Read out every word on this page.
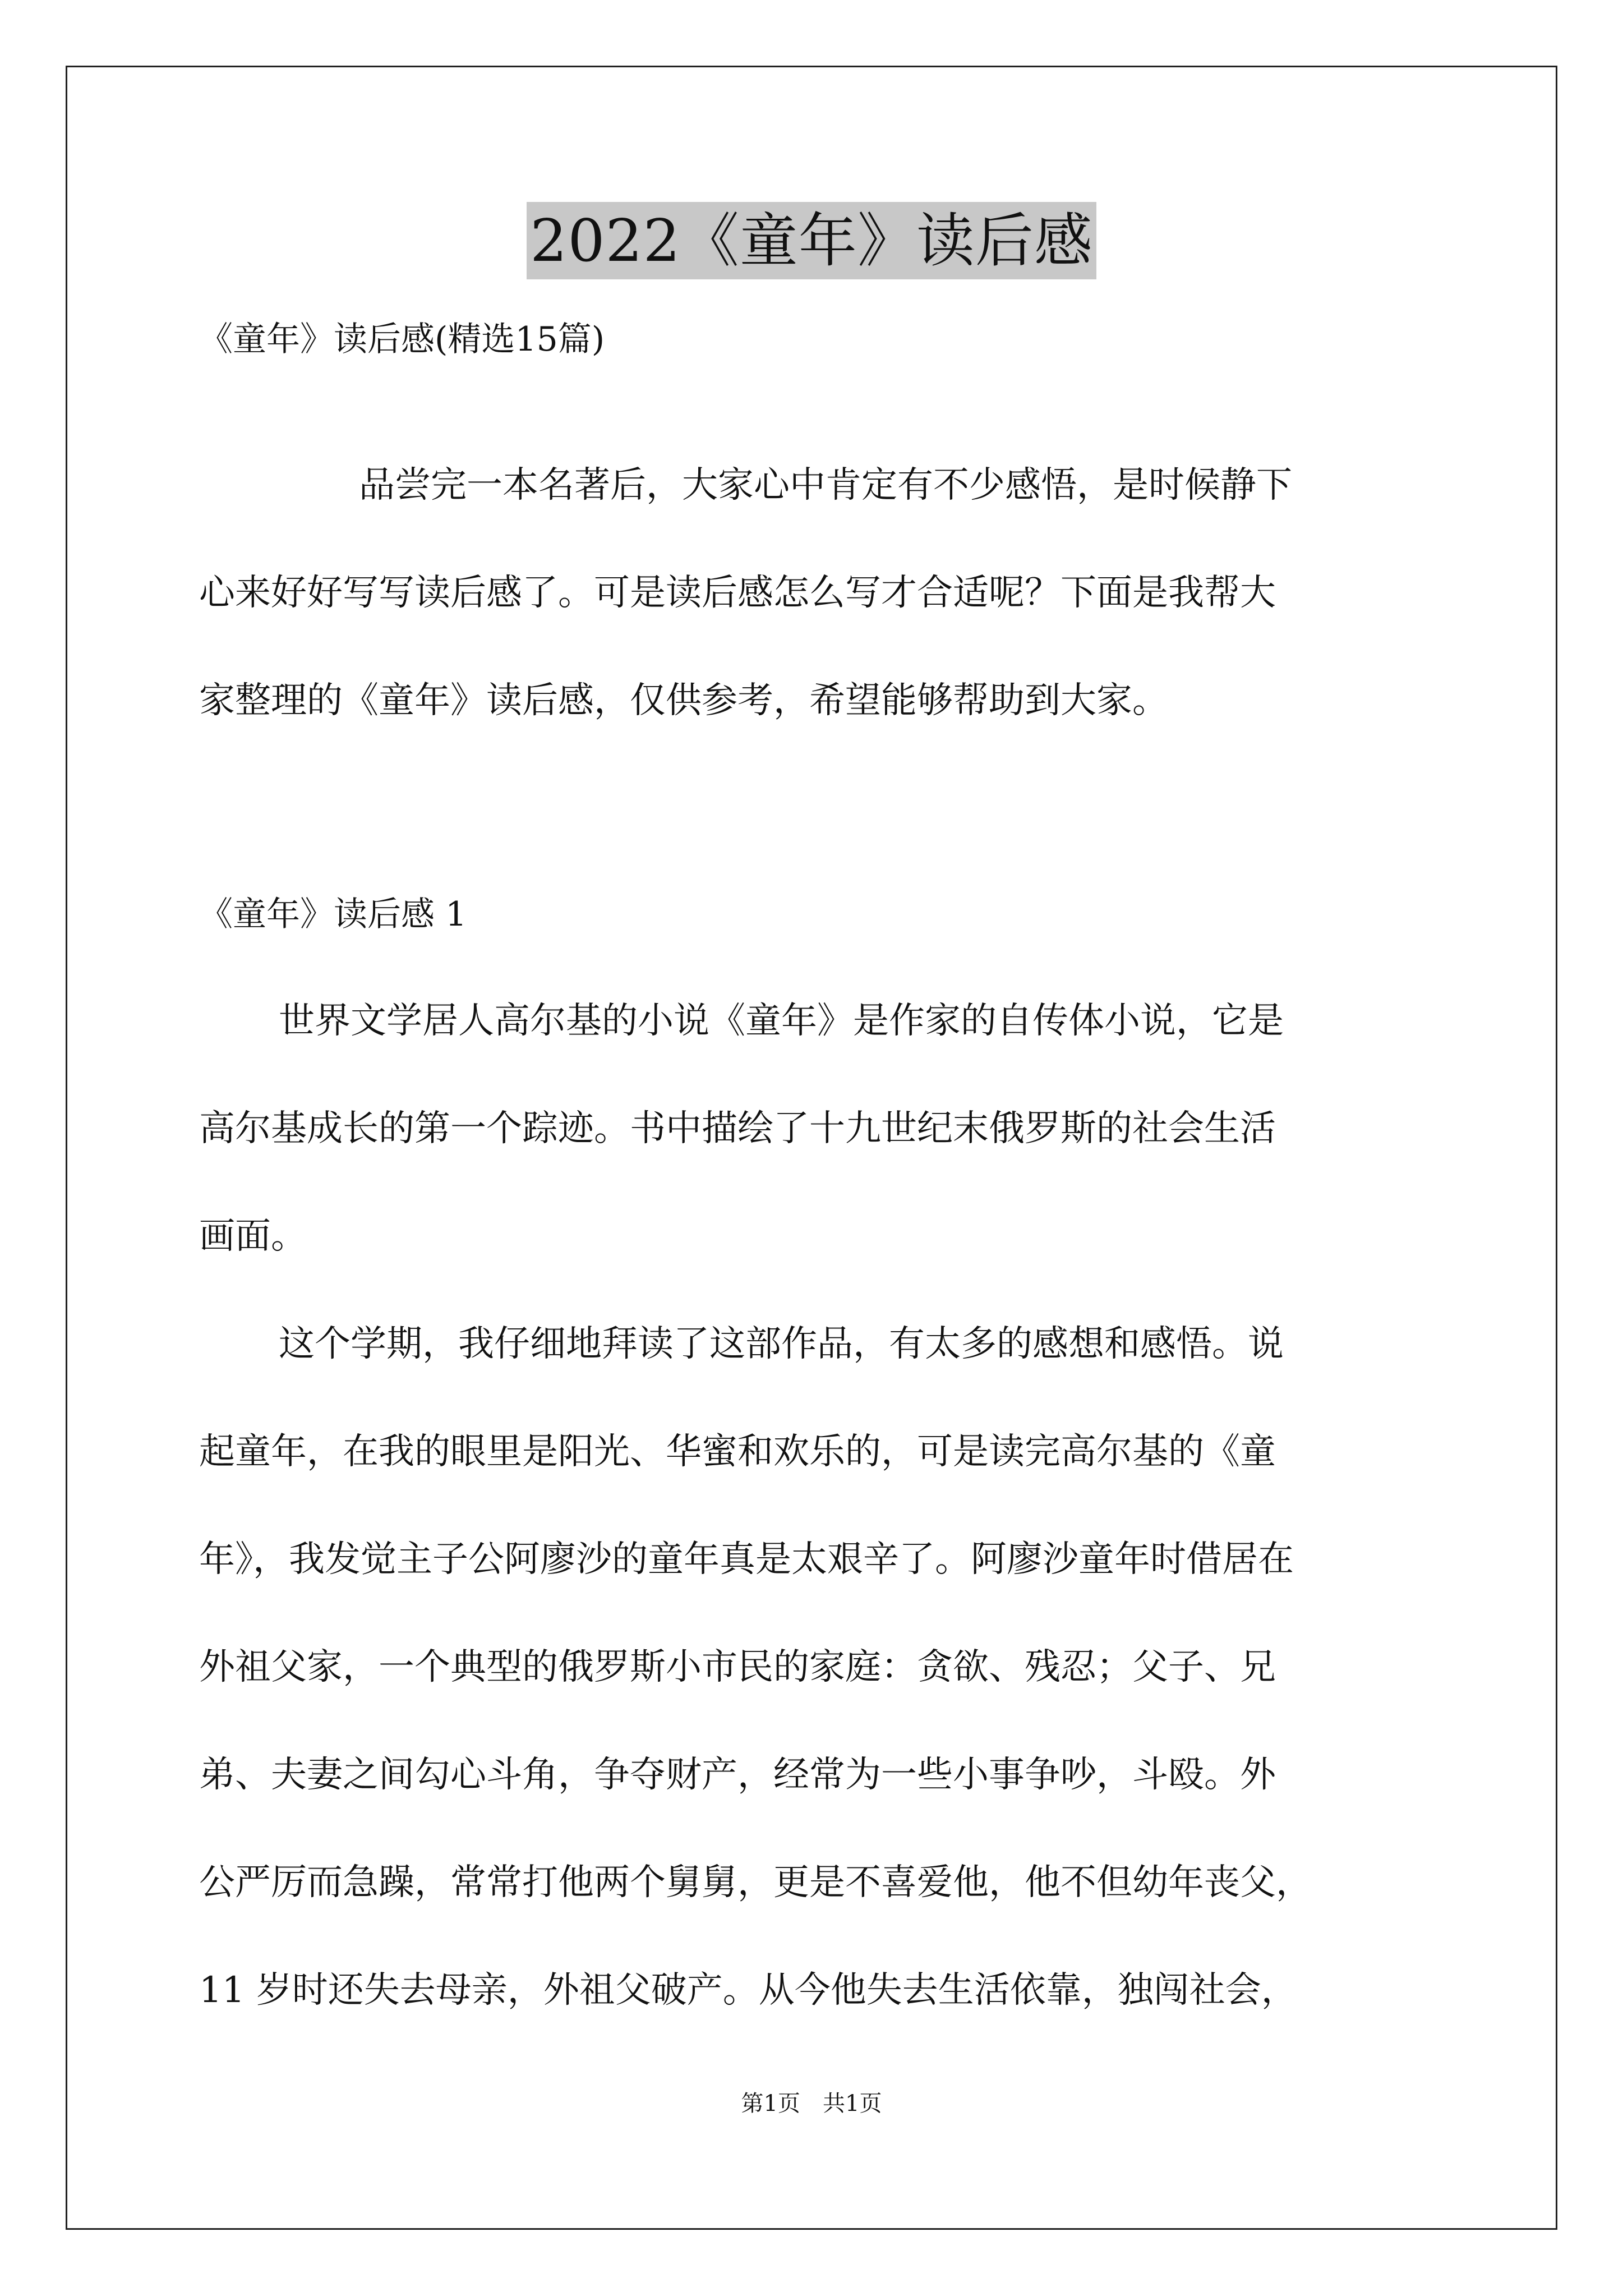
2022《童年》读后感
《童年》读后感(精选15篇)
品尝完一本名著后，大家心中肯定有不少感悟，是时候静下
心来好好写写读后感了。可是读后感怎么写才合适呢？下面是我帮大
家整理的《童年》读后感，仅供参考，希望能够帮助到大家。
《童年》读后感 1
世界文学居人高尔基的小说《童年》是作家的自传体小说，它是
高尔基成长的第一个踪迹。书中描绘了十九世纪末俄罗斯的社会生活
画面。
这个学期，我仔细地拜读了这部作品，有太多的感想和感悟。说
起童年，在我的眼里是阳光、华蜜和欢乐的，可是读完高尔基的《童
年》，我发觉主子公阿廖沙的童年真是太艰辛了。阿廖沙童年时借居在
外祖父家，一个典型的俄罗斯小市民的家庭：贪欲、残忍；父子、兄
弟、夫妻之间勾心斗角，争夺财产，经常为一些小事争吵，斗殴。外
公严厉而急躁，常常打他两个舅舅，更是不喜爱他，他不但幼年丧父，
11 岁时还失去母亲，外祖父破产。从今他失去生活依靠，独闯社会，
第1页　共1页
